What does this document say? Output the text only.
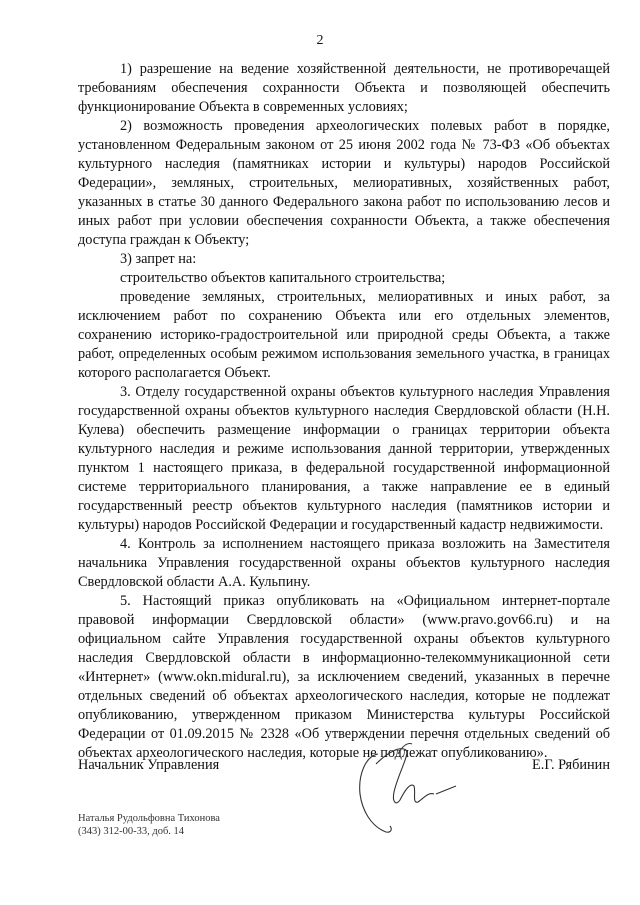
2

1) разрешение на ведение хозяйственной деятельности, не противоречащей требованиям обеспечения сохранности Объекта и позволяющей обеспечить функционирование Объекта в современных условиях;

2) возможность проведения археологических полевых работ в порядке, установленном Федеральным законом от 25 июня 2002 года № 73-ФЗ «Об объектах культурного наследия (памятниках истории и культуры) народов Российской Федерации», земляных, строительных, мелиоративных, хозяйственных работ, указанных в статье 30 данного Федерального закона работ по использованию лесов и иных работ при условии обеспечения сохранности Объекта, а также обеспечения доступа граждан к Объекту;

3) запрет на:

строительство объектов капитального строительства;

проведение земляных, строительных, мелиоративных и иных работ, за исключением работ по сохранению Объекта или его отдельных элементов, сохранению историко-градостроительной или природной среды Объекта, а также работ, определенных особым режимом использования земельного участка, в границах которого располагается Объект.

3. Отделу государственной охраны объектов культурного наследия Управления государственной охраны объектов культурного наследия Свердловской области (Н.Н. Кулева) обеспечить размещение информации о границах территории объекта культурного наследия и режиме использования данной территории, утвержденных пунктом 1 настоящего приказа, в федеральной государственной информационной системе территориального планирования, а также направление ее в единый государственный реестр объектов культурного наследия (памятников истории и культуры) народов Российской Федерации и государственный кадастр недвижимости.

4. Контроль за исполнением настоящего приказа возложить на Заместителя начальника Управления государственной охраны объектов культурного наследия Свердловской области А.А. Кульпину.

5. Настоящий приказ опубликовать на «Официальном интернет-портале правовой информации Свердловской области» (www.pravo.gov66.ru) и на официальном сайте Управления государственной охраны объектов культурного наследия Свердловской области в информационно-телекоммуникационной сети «Интернет» (www.okn.midural.ru), за исключением сведений, указанных в перечне отдельных сведений об объектах археологического наследия, которые не подлежат опубликованию, утвержденном приказом Министерства культуры Российской Федерации от 01.09.2015 № 2328 «Об утверждении перечня отдельных сведений об объектах археологического наследия, которые не подлежат опубликованию».

Начальник Управления	Е.Г. Рябинин
Наталья Рудольфовна Тихонова
(343) 312-00-33, доб. 14
